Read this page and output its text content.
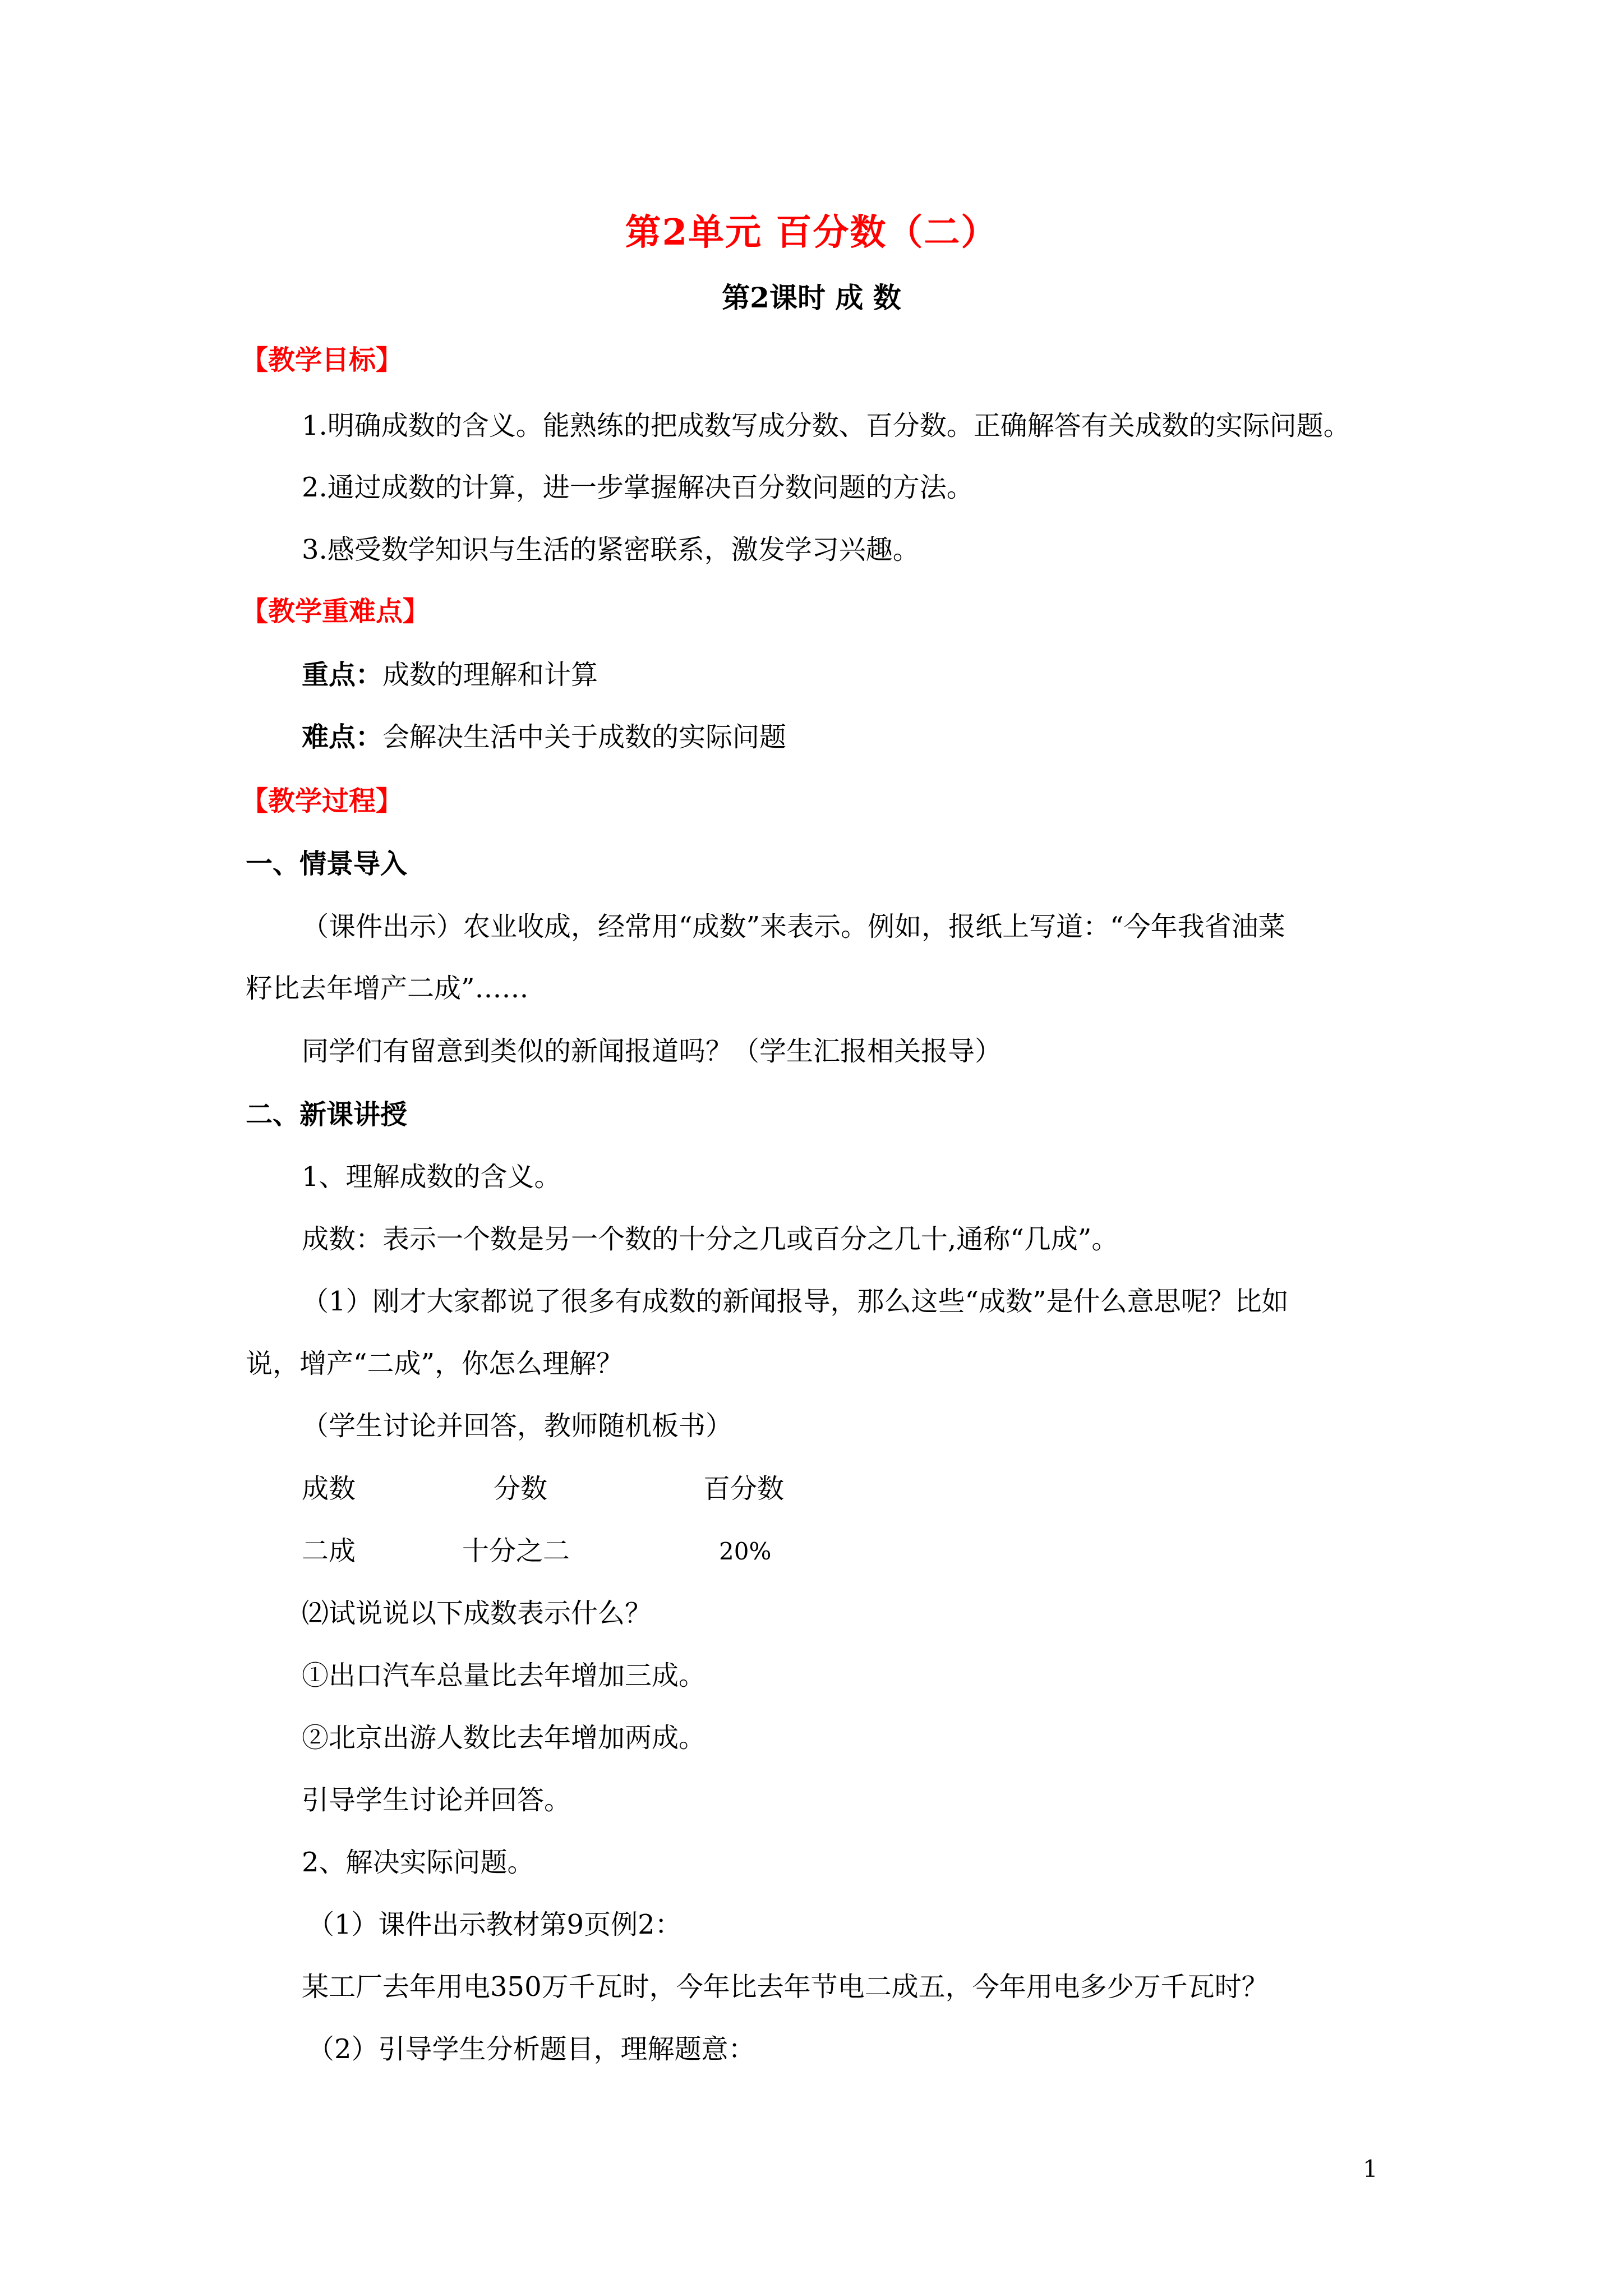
第2单元 百分数（二）
第2课时 成 数
【教学目标】
1.明确成数的含义。能熟练的把成数写成分数、百分数。正确解答有关成数的实际问题。
2.通过成数的计算，进一步掌握解决百分数问题的方法。
3.感受数学知识与生活的紧密联系，激发学习兴趣。
【教学重难点】
重点：成数的理解和计算
难点：会解决生活中关于成数的实际问题
【教学过程】
一、情景导入
（课件出示）农业收成，经常用“成数”来表示。例如，报纸上写道：“今年我省油菜
籽比去年增产二成”……
同学们有留意到类似的新闻报道吗？（学生汇报相关报导）
二、新课讲授
1、理解成数的含义。
成数：表示一个数是另一个数的十分之几或百分之几十,通称“几成”。
（1）刚才大家都说了很多有成数的新闻报导，那么这些“成数”是什么意思呢？比如
说，增产“二成”，你怎么理解？
（学生讨论并回答，教师随机板书）
成数	分数	百分数
二成	十分之二	20%
⑵试说说以下成数表示什么？
①出口汽车总量比去年增加三成。
②北京出游人数比去年增加两成。
引导学生讨论并回答。
2、解决实际问题。
（1）课件出示教材第9页例2：
某工厂去年用电350万千瓦时，今年比去年节电二成五，今年用电多少万千瓦时？
（2）引导学生分析题目，理解题意：
1
